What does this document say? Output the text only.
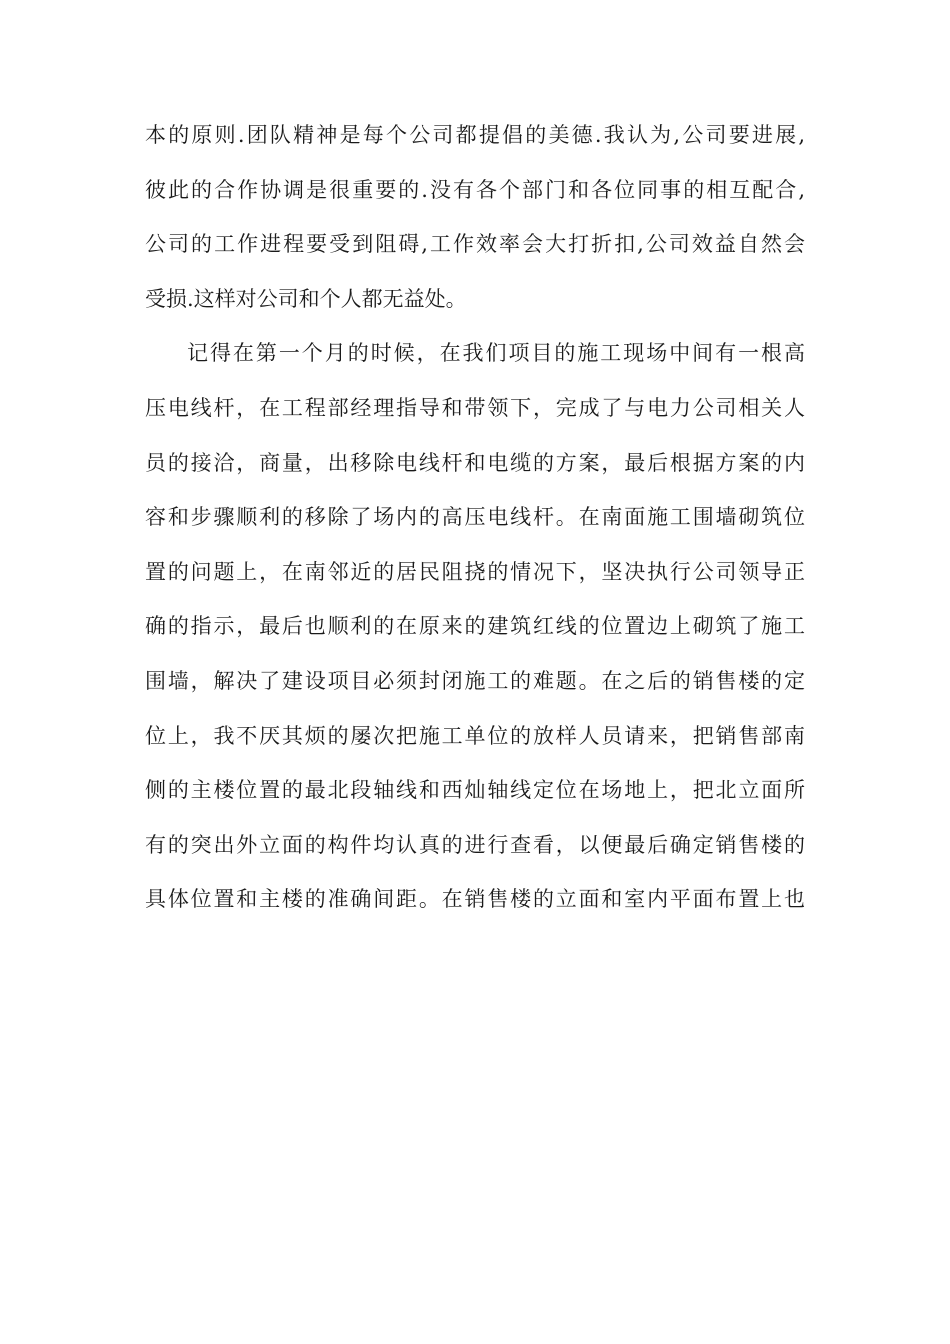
本的原则.团队精神是每个公司都提倡的美德.我认为,公司要进展,
彼此的合作协调是很重要的.没有各个部门和各位同事的相互配合,
公司的工作进程要受到阻碍,工作效率会大打折扣,公司效益自然会
受损.这样对公司和个人都无益处。
记得在第一个月的时候，在我们项目的施工现场中间有一根高
压电线杆，在工程部经理指导和带领下，完成了与电力公司相关人
员的接洽，商量，出移除电线杆和电缆的方案，最后根据方案的内
容和步骤顺利的移除了场内的高压电线杆。在南面施工围墙砌筑位
置的问题上，在南邻近的居民阻挠的情况下，坚决执行公司领导正
确的指示，最后也顺利的在原来的建筑红线的位置边上砌筑了施工
围墙，解决了建设项目必须封闭施工的难题。在之后的销售楼的定
位上，我不厌其烦的屡次把施工单位的放样人员请来，把销售部南
侧的主楼位置的最北段轴线和西灿轴线定位在场地上，把北立面所
有的突出外立面的构件均认真的进行查看，以便最后确定销售楼的
具体位置和主楼的准确间距。在销售楼的立面和室内平面布置上也
